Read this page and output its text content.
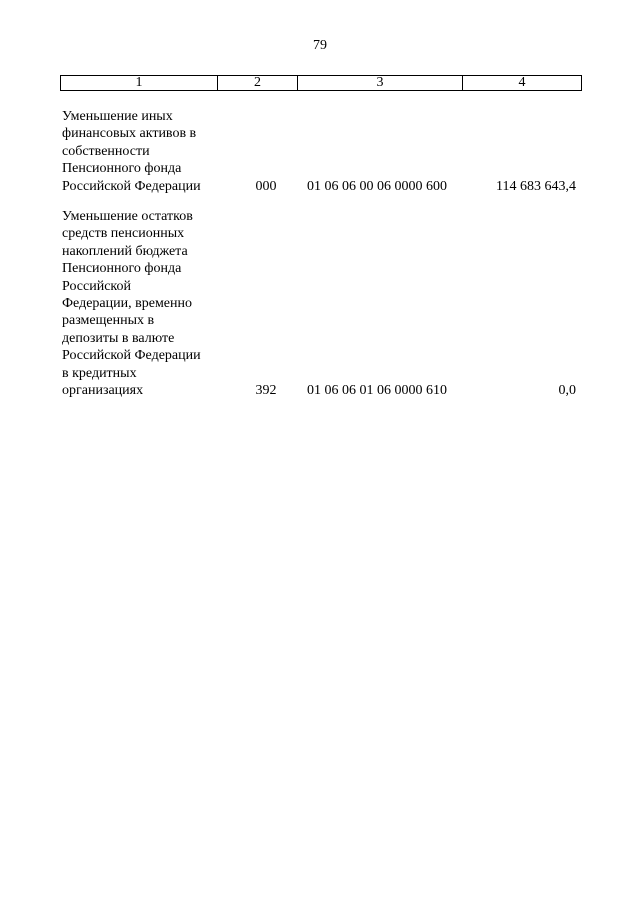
79
1	2	3	4
Уменьшение иных
финансовых активов в
собственности
Пенсионного фонда
Российской Федерации	000	01 06 06 00 06 0000 600	114 683 643,4
Уменьшение остатков
средств пенсионных
накоплений бюджета
Пенсионного фонда
Российской
Федерации, временно
размещенных в
депозиты в валюте
Российской Федерации
в кредитных
организациях	392	01 06 06 01 06 0000 610	0,0
